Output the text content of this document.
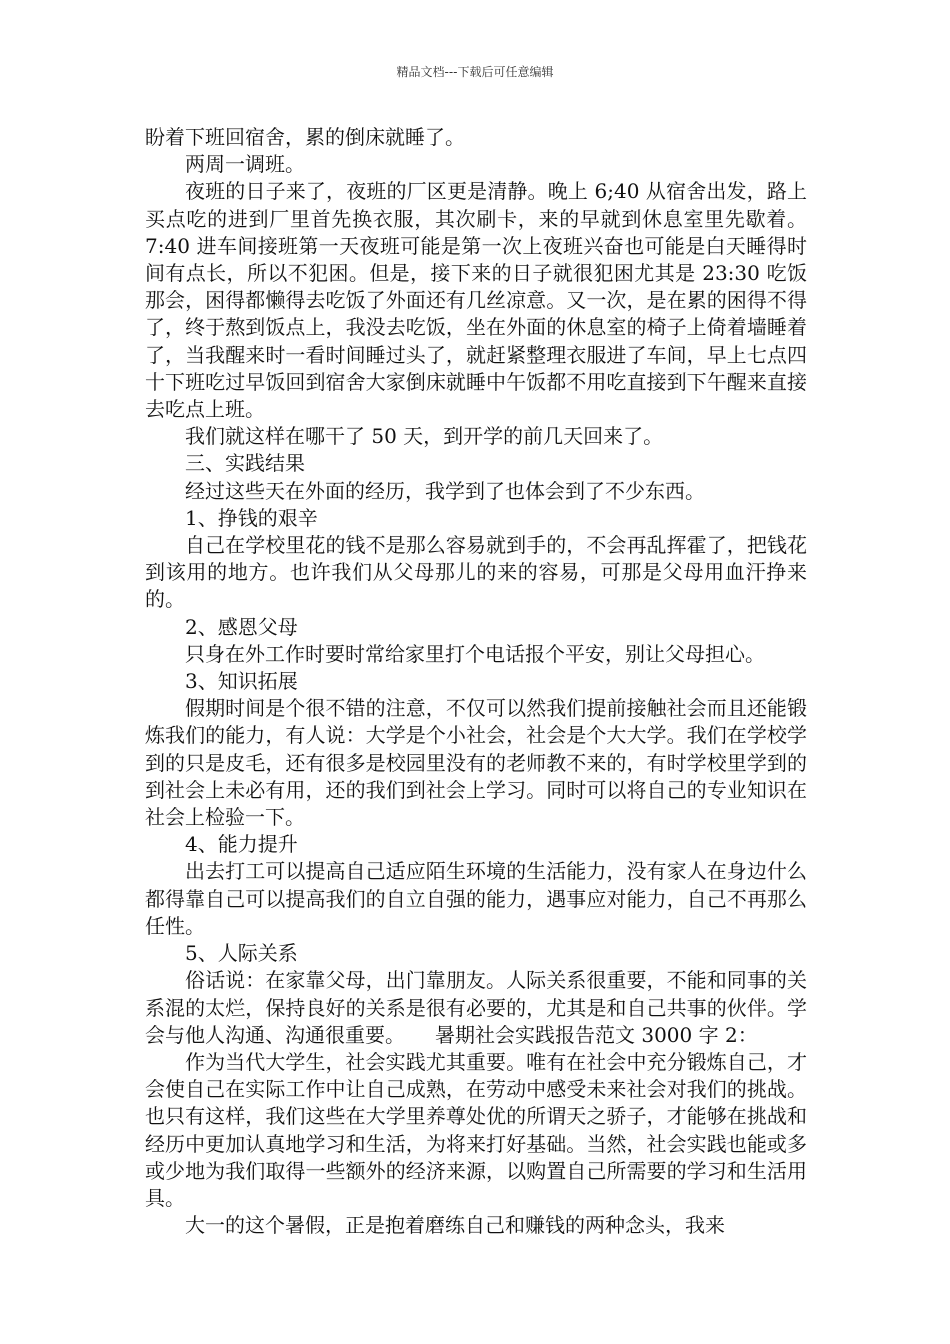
精品文档---下载后可任意编辑

盼着下班回宿舍，累的倒床就睡了。

两周一调班。

夜班的日子来了，夜班的厂区更是清静。晚上 6;40 从宿舍出发，路上买点吃的进到厂里首先换衣服，其次刷卡，来的早就到休息室里先歇着。7:40 进车间接班第一天夜班可能是第一次上夜班兴奋也可能是白天睡得时间有点长，所以不犯困。但是，接下来的日子就很犯困尤其是 23:30 吃饭那会，困得都懒得去吃饭了外面还有几丝凉意。又一次，是在累的困得不得了，终于熬到饭点上，我没去吃饭，坐在外面的休息室的椅子上倚着墙睡着了，当我醒来时一看时间睡过头了，就赶紧整理衣服进了车间，早上七点四十下班吃过早饭回到宿舍大家倒床就睡中午饭都不用吃直接到下午醒来直接去吃点上班。

我们就这样在哪干了 50 天，到开学的前几天回来了。

三、实践结果

经过这些天在外面的经历，我学到了也体会到了不少东西。

1、挣钱的艰辛

自己在学校里花的钱不是那么容易就到手的，不会再乱挥霍了，把钱花到该用的地方。也许我们从父母那儿的来的容易，可那是父母用血汗挣来的。

2、感恩父母

只身在外工作时要时常给家里打个电话报个平安，别让父母担心。

3、知识拓展

假期时间是个很不错的注意，不仅可以然我们提前接触社会而且还能锻炼我们的能力，有人说：大学是个小社会，社会是个大大学。我们在学校学到的只是皮毛，还有很多是校园里没有的老师教不来的，有时学校里学到的到社会上未必有用，还的我们到社会上学习。同时可以将自己的专业知识在社会上检验一下。

4、能力提升

出去打工可以提高自己适应陌生环境的生活能力，没有家人在身边什么都得靠自己可以提高我们的自立自强的能力，遇事应对能力，自己不再那么任性。

5、人际关系

俗话说：在家靠父母，出门靠朋友。人际关系很重要，不能和同事的关系混的太烂，保持良好的关系是很有必要的，尤其是和自己共事的伙伴。学会与他人沟通、沟通很重要。　　暑期社会实践报告范文 3000 字 2：

作为当代大学生，社会实践尤其重要。唯有在社会中充分锻炼自己，才会使自己在实际工作中让自己成熟，在劳动中感受未来社会对我们的挑战。也只有这样，我们这些在大学里养尊处优的所谓天之骄子，才能够在挑战和经历中更加认真地学习和生活，为将来打好基础。当然，社会实践也能或多或少地为我们取得一些额外的经济来源，以购置自己所需要的学习和生活用具。

大一的这个暑假，正是抱着磨练自己和赚钱的两种念头，我来
